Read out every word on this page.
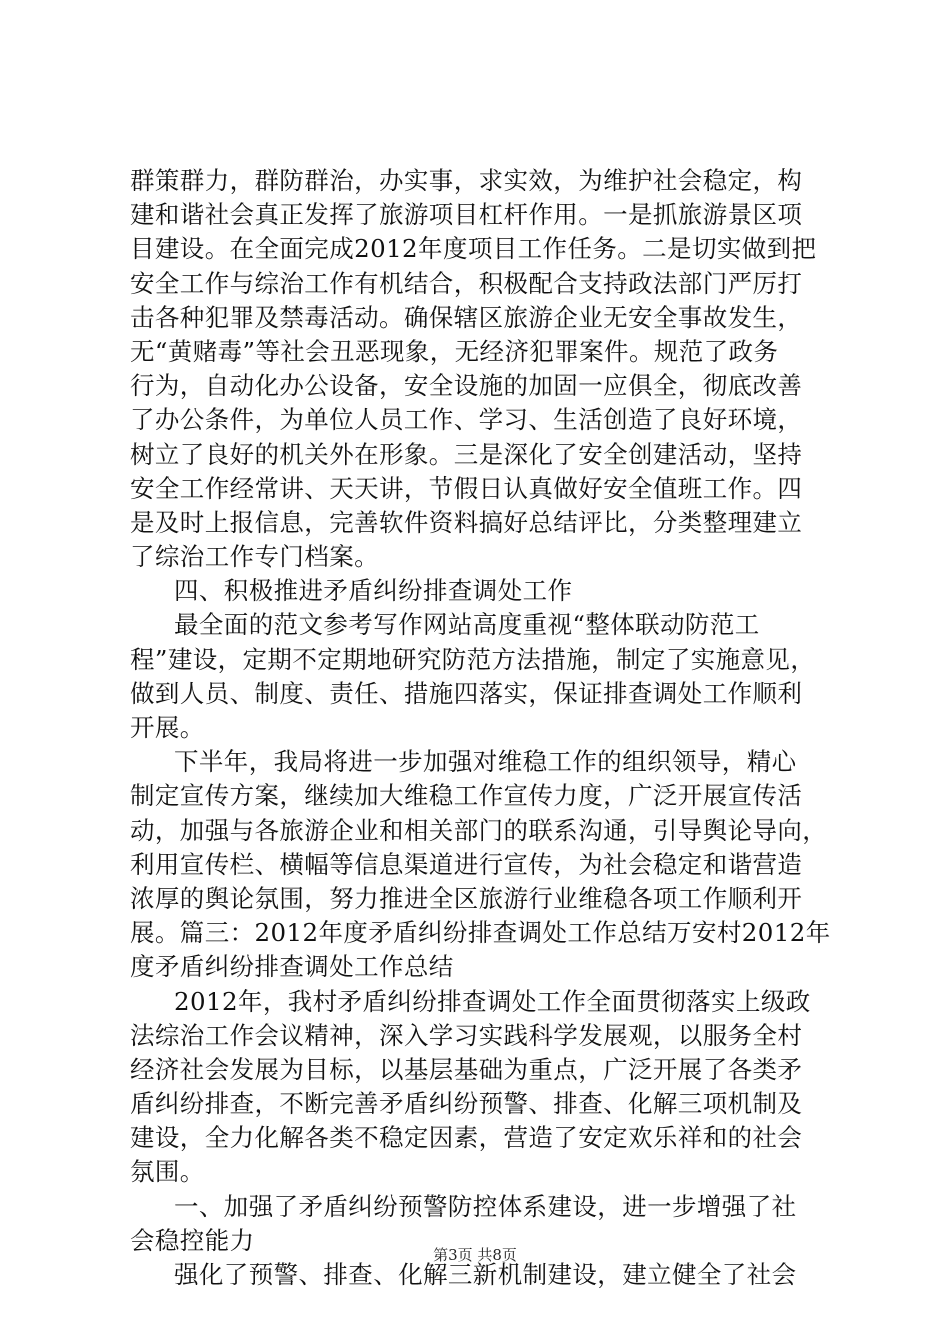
群策群力，群防群治，办实事，求实效，为维护社会稳定，构
建和谐社会真正发挥了旅游项目杠杆作用。一是抓旅游景区项
目建设。在全面完成2012年度项目工作任务。二是切实做到把
安全工作与综治工作有机结合，积极配合支持政法部门严厉打
击各种犯罪及禁毒活动。确保辖区旅游企业无安全事故发生，
无“黄赌毒”等社会丑恶现象，无经济犯罪案件。规范了政务
行为，自动化办公设备，安全设施的加固一应俱全，彻底改善
了办公条件，为单位人员工作、学习、生活创造了良好环境，
树立了良好的机关外在形象。三是深化了安全创建活动，坚持
安全工作经常讲、天天讲，节假日认真做好安全值班工作。四
是及时上报信息，完善软件资料搞好总结评比，分类整理建立
了综治工作专门档案。
四、积极推进矛盾纠纷排查调处工作
最全面的范文参考写作网站高度重视“整体联动防范工
程”建设，定期不定期地研究防范方法措施，制定了实施意见，
做到人员、制度、责任、措施四落实，保证排查调处工作顺利
开展。
下半年，我局将进一步加强对维稳工作的组织领导，精心
制定宣传方案，继续加大维稳工作宣传力度，广泛开展宣传活
动，加强与各旅游企业和相关部门的联系沟通，引导舆论导向，
利用宣传栏、横幅等信息渠道进行宣传，为社会稳定和谐营造
浓厚的舆论氛围，努力推进全区旅游行业维稳各项工作顺利开
展。篇三：2012年度矛盾纠纷排查调处工作总结万安村2012年
度矛盾纠纷排查调处工作总结
2012年，我村矛盾纠纷排查调处工作全面贯彻落实上级政
法综治工作会议精神，深入学习实践科学发展观，以服务全村
经济社会发展为目标，以基层基础为重点，广泛开展了各类矛
盾纠纷排查，不断完善矛盾纠纷预警、排查、化解三项机制及
建设，全力化解各类不稳定因素，营造了安定欢乐祥和的社会
氛围。
一、加强了矛盾纠纷预警防控体系建设，进一步增强了社
会稳控能力
强化了预警、排查、化解三新机制建设，建立健全了社会
第3页 共8页
